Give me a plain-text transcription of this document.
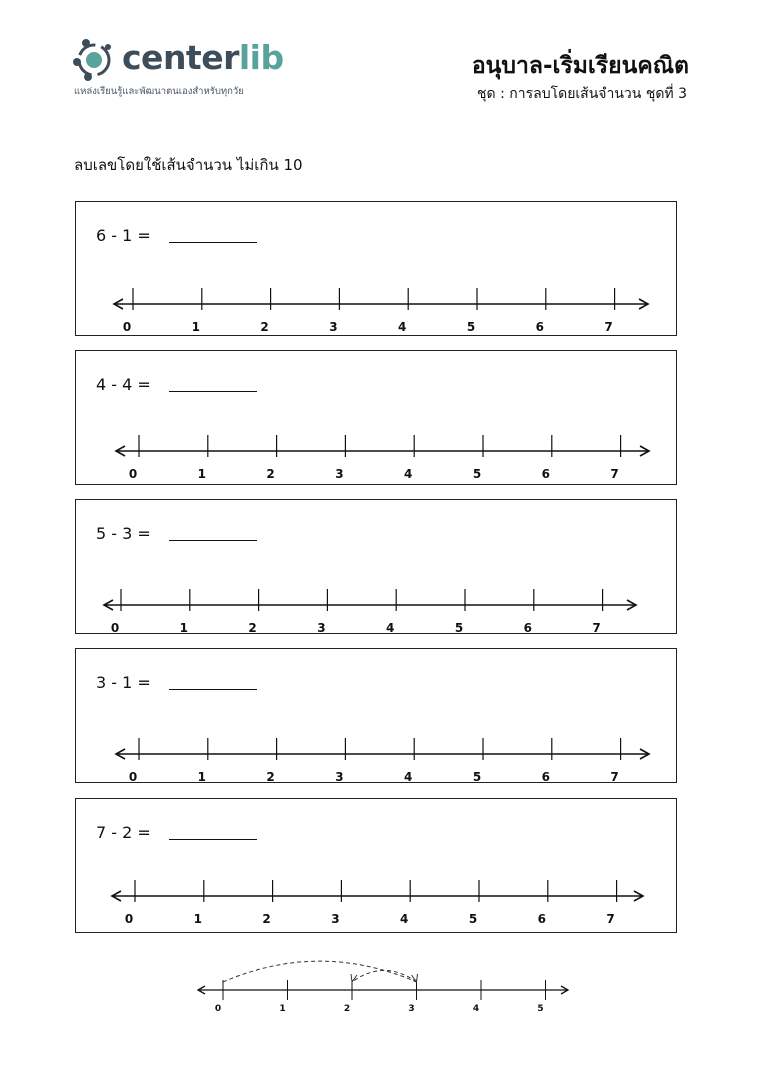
centerlib
แหล่งเรียนรู้และพัฒนาตนเองสำหรับทุกวัย
อนุบาล-เริ่มเรียนคณิต
ชุด : การลบโดยเส้นจำนวน ชุดที่ 3
ลบเลขโดยใช้เส้นจำนวน ไม่เกิน 10
6 - 1 =
0	1	2	3	4	5	6	7
4 - 4 =
0	1	2	3	4	5	6	7
5 - 3 =
0	1	2	3	4	5	6	7
3 - 1 =
0	1	2	3	4	5	6	7
7 - 2 =
0	1	2	3	4	5	6	7
0	1	2	3	4	5
